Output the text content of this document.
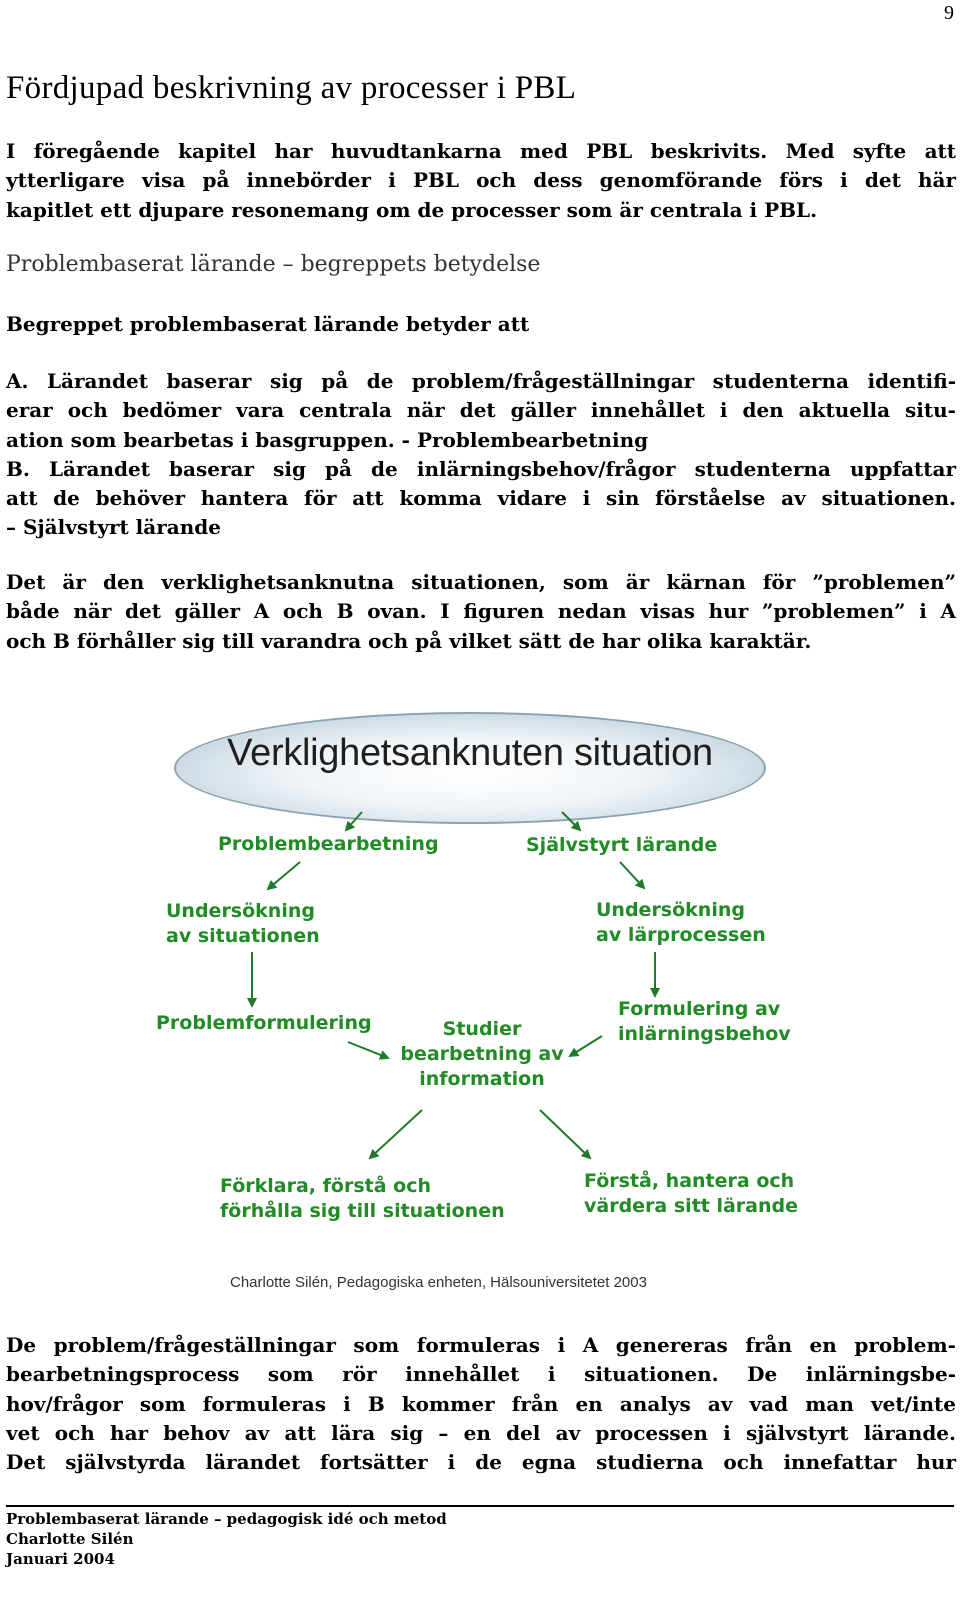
9
Fördjupad beskrivning av processer i PBL
I föregående kapitel har huvudtankarna med PBL beskrivits. Med syfte att
ytterligare visa på innebörder i PBL och dess genomförande förs i det här
kapitlet ett djupare resonemang om de processer som är centrala i PBL.
Problembaserat lärande – begreppets betydelse
Begreppet problembaserat lärande betyder att
A. Lärandet baserar sig på de problem/frågeställningar studenterna identifi-
erar och bedömer vara centrala när det gäller innehållet i den aktuella situ-
ation som bearbetas i basgruppen. - Problembearbetning
B. Lärandet baserar sig på de inlärningsbehov/frågor studenterna uppfattar
att de behöver hantera för att komma vidare i sin förståelse av situationen.
– Självstyrt lärande
Det är den verklighetsanknutna situationen, som är kärnan för ”problemen”
både när det gäller A och B ovan. I figuren nedan visas hur ”problemen” i A
och B förhåller sig till varandra och på vilket sätt de har olika karaktär.
Verklighetsanknuten situation
Problembearbetning	Självstyrt lärande
Undersökning
av situationen
Undersökning
av lärprocessen
Problemformulering
Formulering av
inlärningsbehov
Studier
bearbetning av
information
Förklara, förstå och
förhålla sig till situationen
Förstå, hantera och
värdera sitt lärande
Charlotte Silén, Pedagogiska enheten, Hälsouniversitetet 2003
De problem/frågeställningar som formuleras i A genereras från en problem-
bearbetningsprocess som rör innehållet i situationen. De inlärningsbe-
hov/frågor som formuleras i B kommer från en analys av vad man vet/inte
vet och har behov av att lära sig – en del av processen i självstyrt lärande.
Det självstyrda lärandet fortsätter i de egna studierna och innefattar hur
Problembaserat lärande – pedagogisk idé och metod
Charlotte Silén
Januari 2004
